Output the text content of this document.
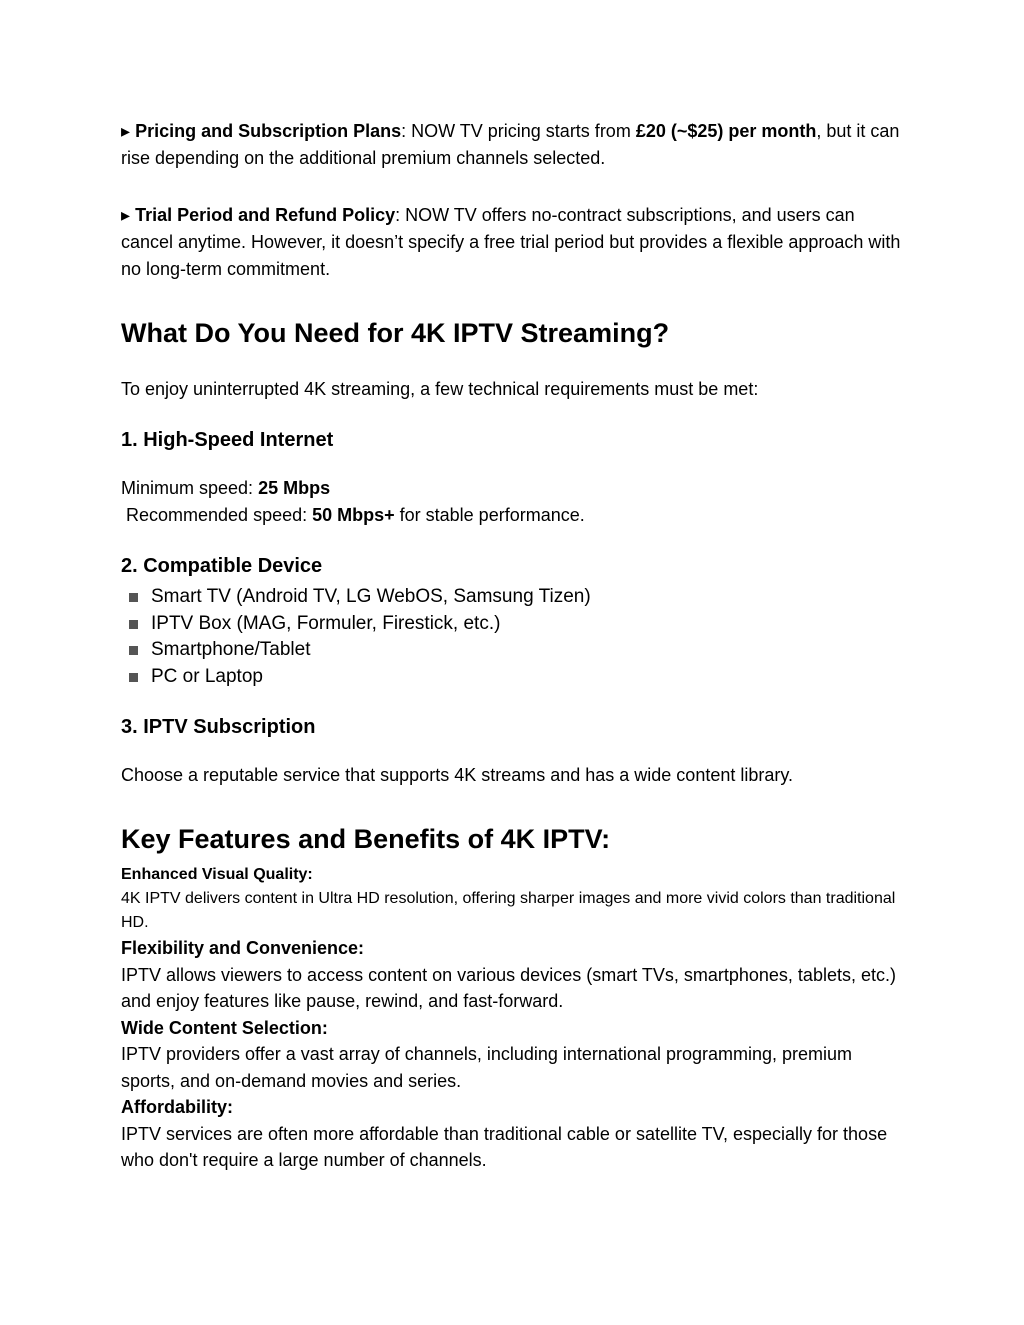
▸ Pricing and Subscription Plans: NOW TV pricing starts from £20 (~$25) per month, but it can rise depending on the additional premium channels selected.

▸ Trial Period and Refund Policy: NOW TV offers no-contract subscriptions, and users can cancel anytime. However, it doesn’t specify a free trial period but provides a flexible approach with no long-term commitment.

What Do You Need for 4K IPTV Streaming?

To enjoy uninterrupted 4K streaming, a few technical requirements must be met:

1. High-Speed Internet

Minimum speed: 25 Mbps

Recommended speed: 50 Mbps+ for stable performance.

2. Compatible Device
Smart TV (Android TV, LG WebOS, Samsung Tizen)
IPTV Box (MAG, Formuler, Firestick, etc.)
Smartphone/Tablet
PC or Laptop
3. IPTV Subscription

Choose a reputable service that supports 4K streams and has a wide content library.

Key Features and Benefits of 4K IPTV:

Enhanced Visual Quality:

4K IPTV delivers content in Ultra HD resolution, offering sharper images and more vivid colors than traditional HD.

Flexibility and Convenience:

IPTV allows viewers to access content on various devices (smart TVs, smartphones, tablets, etc.) and enjoy features like pause, rewind, and fast-forward.

Wide Content Selection:

IPTV providers offer a vast array of channels, including international programming, premium sports, and on-demand movies and series.

Affordability:

IPTV services are often more affordable than traditional cable or satellite TV, especially for those who don't require a large number of channels.
